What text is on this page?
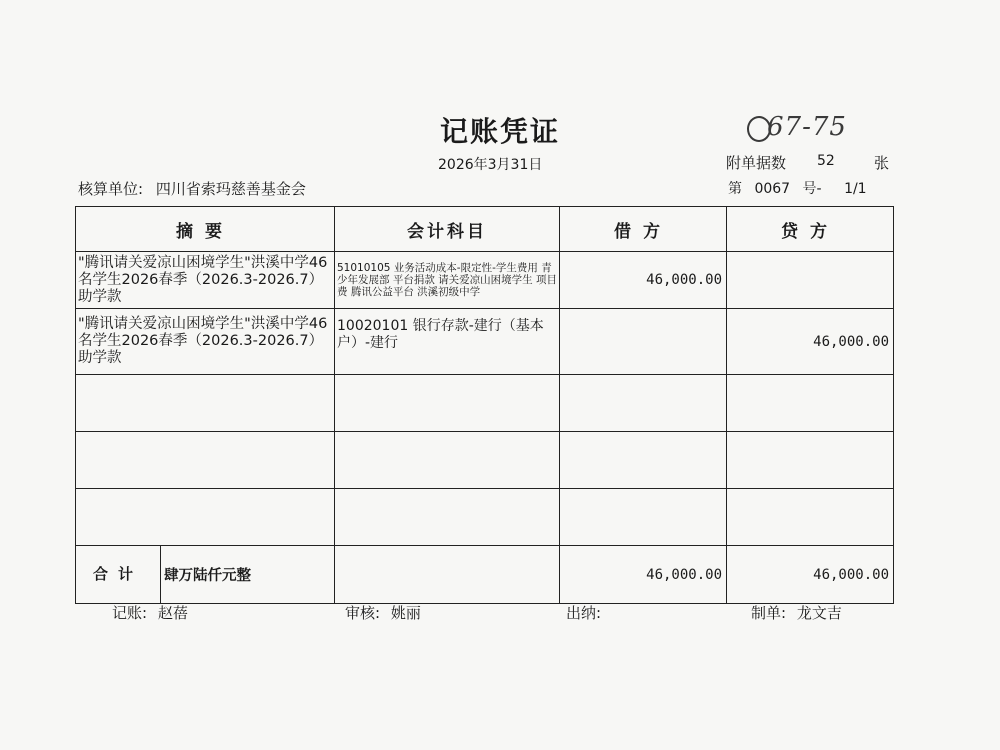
记账凭证	67-75
2026年3月31日	附单据数 52	张
核算单位: 四川省索玛慈善基金会	第 0067 号- 1/1
摘要	会计科目	借方	贷方
"腾讯请关爱凉山困境学生"洪溪中学46名学生2026春季（2026.3-2026.7）助学款	51010105 业务活动成本-限定性-学生费用 青少年发展部 平台捐款 请关爱凉山困境学生 项目费 腾讯公益平台 洪溪初级中学	46,000.00	
"腾讯请关爱凉山困境学生"洪溪中学46名学生2026春季（2026.3-2026.7）助学款	10020101 银行存款-建行（基本户）-建行		46,000.00

合计 肆万陆仟元整		46,000.00	46,000.00
记账: 赵蓓	审核: 姚丽	出纳:	制单: 龙文吉
